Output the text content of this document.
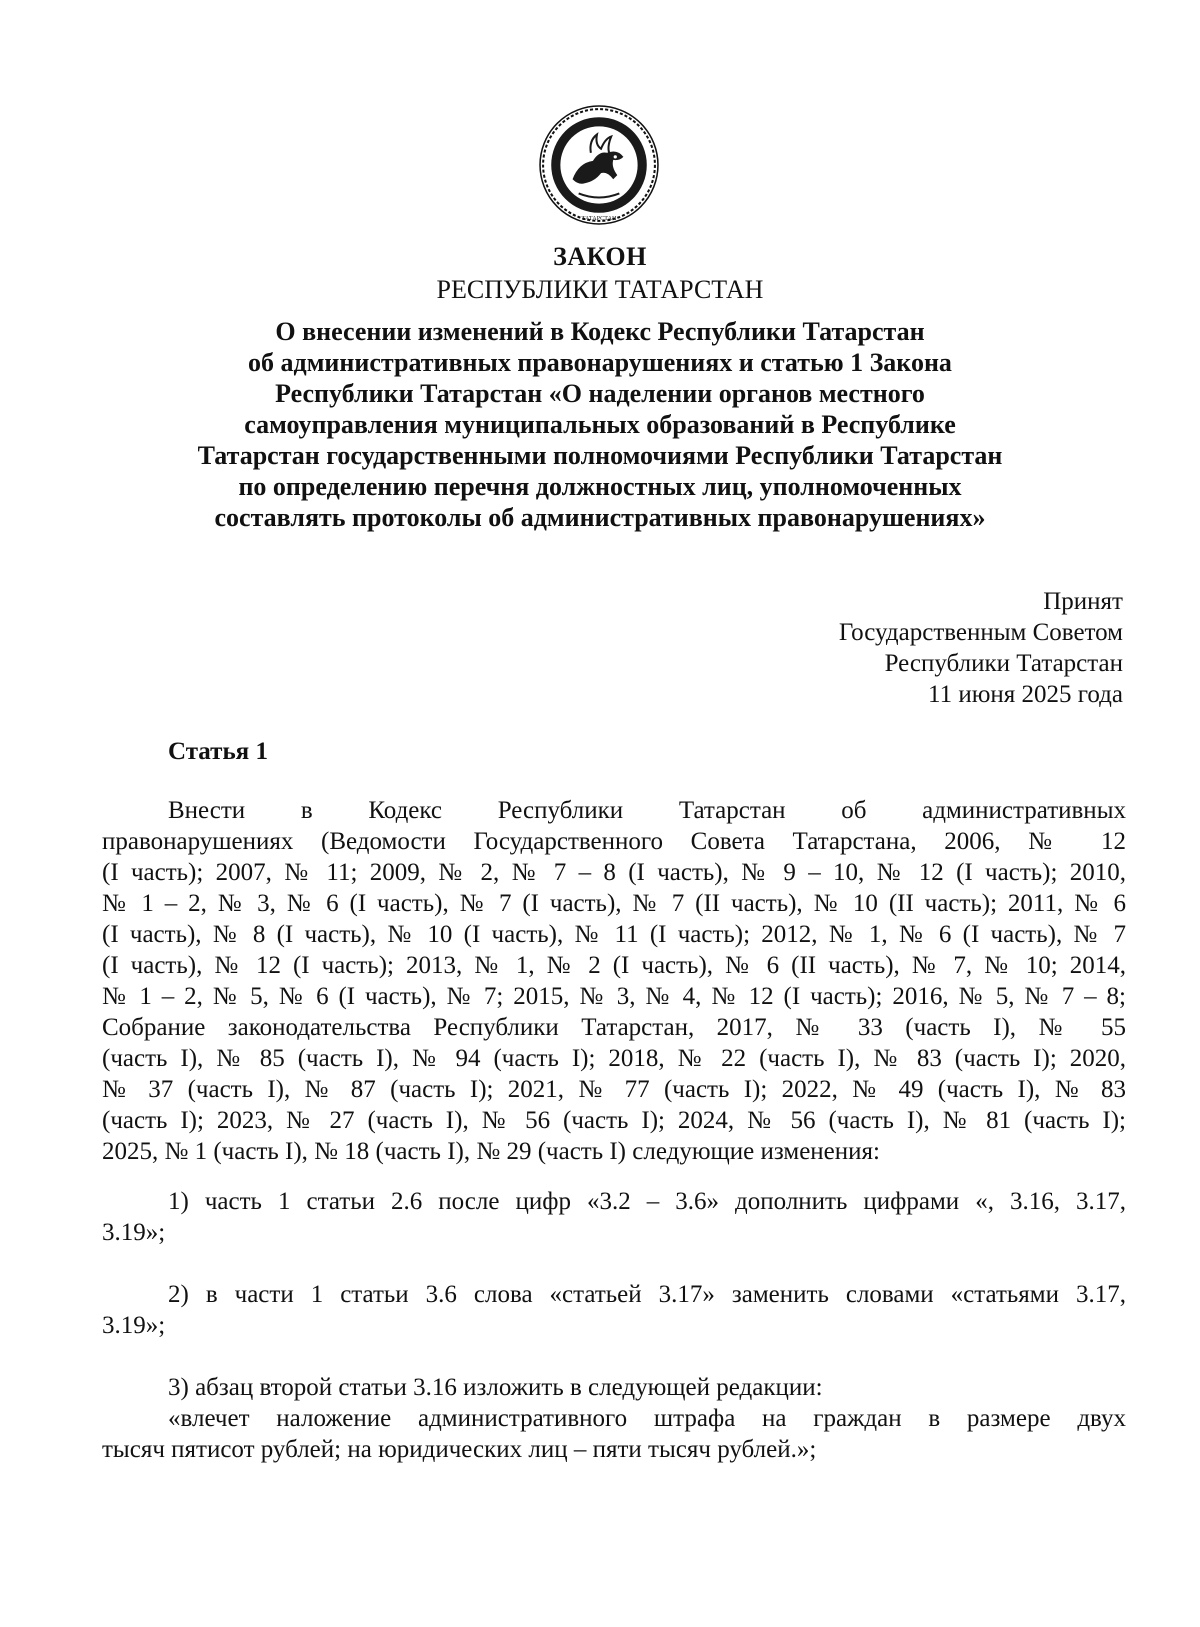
ТАТАРСТАН
ЗАКОН
РЕСПУБЛИКИ ТАТАРСТАН
О внесении изменений в Кодекс Республики Татарстан
об административных правонарушениях и статью 1 Закона
Республики Татарстан «О наделении органов местного
самоуправления муниципальных образований в Республике
Татарстан государственными полномочиями Республики Татарстан
по определению перечня должностных лиц, уполномоченных
составлять протоколы об административных правонарушениях»
Принят
Государственным Советом
Республики Татарстан
11 июня 2025 года
Статья 1
Внести в Кодекс Республики Татарстан об административных
правонарушениях (Ведомости Государственного Совета Татарстана, 2006, № 12
(I часть); 2007, № 11; 2009, № 2, № 7 – 8 (I часть), № 9 – 10, № 12 (I часть); 2010,
№ 1 – 2, № 3, № 6 (I часть), № 7 (I часть), № 7 (II часть), № 10 (II часть); 2011, № 6
(I часть), № 8 (I часть), № 10 (I часть), № 11 (I часть); 2012, № 1, № 6 (I часть), № 7
(I часть), № 12 (I часть); 2013, № 1, № 2 (I часть), № 6 (II часть), № 7, № 10; 2014,
№ 1 – 2, № 5, № 6 (I часть), № 7; 2015, № 3, № 4, № 12 (I часть); 2016, № 5, № 7 – 8;
Собрание законодательства Республики Татарстан, 2017, № 33 (часть I), № 55
(часть I), № 85 (часть I), № 94 (часть I); 2018, № 22 (часть I), № 83 (часть I); 2020,
№ 37 (часть I), № 87 (часть I); 2021, № 77 (часть I); 2022, № 49 (часть I), № 83
(часть I); 2023, № 27 (часть I), № 56 (часть I); 2024, № 56 (часть I), № 81 (часть I);
2025, № 1 (часть I), № 18 (часть I), № 29 (часть I) следующие изменения:
1) часть 1 статьи 2.6 после цифр «3.2 – 3.6» дополнить цифрами «, 3.16, 3.17,
3.19»;
2) в части 1 статьи 3.6 слова «статьей 3.17» заменить словами «статьями 3.17,
3.19»;
3) абзац второй статьи 3.16 изложить в следующей редакции:
«влечет наложение административного штрафа на граждан в размере двух
тысяч пятисот рублей; на юридических лиц – пяти тысяч рублей.»;
